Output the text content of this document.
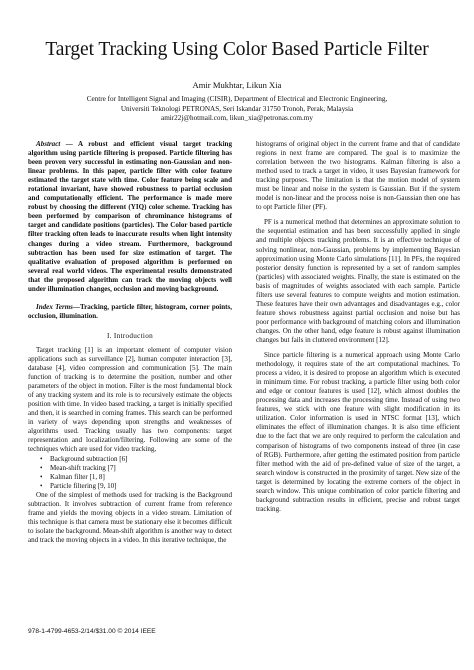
Target Tracking Using Color Based Particle Filter
Amir Mukhtar, Likun Xia
Centre for Intelligent Signal and Imaging (CISIR), Department of Electrical and Electronic Engineering,
Universiti Teknologi PETRONAS, Seri Iskandar 31750 Tronoh, Perak, Malaysia
amir22j@hotmail.com, likun_xia@petronas.com.my

Abstract — A robust and efficient visual target tracking algorithm using particle filtering is proposed. Particle filtering has been proven very successful in estimating non-Gaussian and non-linear problems. In this paper, particle filter with color feature estimated the target state with time. Color feature being scale and rotational invariant, have showed robustness to partial occlusion and computationally efficient. The performance is made more robust by choosing the different (YIQ) color scheme. Tracking has been performed by comparison of chrominance histograms of target and candidate positions (particles). The Color based particle filter tracking often leads to inaccurate results when light intensity changes during a video stream. Furthermore, background subtraction has been used for size estimation of target. The qualitative evaluation of proposed algorithm is performed on several real world videos. The experimental results demonstrated that the proposed algorithm can track the moving objects well under illumination changes, occlusion and moving background.

Index Terms—Tracking, particle filter, histogram, corner points, occlusion, illumination.

I. Introduction

Target tracking [1] is an important element of computer vision applications such as surveillance [2], human computer interaction [3], database [4], video compression and communication [5]. The main function of tracking is to determine the position, number and other parameters of the object in motion. Filter is the most fundamental block of any tracking system and its role is to recursively estimate the objects position with time. In video based tracking, a target is initially specified and then, it is searched in coming frames. This search can be performed in variety of ways depending upon strengths and weaknesses of algorithms used. Tracking usually has two components: target representation and localization/filtering. Following are some of the techniques which are used for video tracking,

• Background subtraction [6]
• Mean-shift tracking [7]
• Kalman filter [1, 8]
• Particle filtering [9, 10]

One of the simplest of methods used for tracking is the Background subtraction. It involves subtraction of current frame from reference frame and yields the moving objects in a video stream. Limitation of this technique is that camera must be stationary else it becomes difficult to isolate the background. Mean-shift algorithm is another way to detect and track the moving objects in a video. In this iterative technique, the

histograms of original object in the current frame and that of candidate regions in next frame are compared. The goal is to maximize the correlation between the two histograms. Kalman filtering is also a method used to track a target in video, it uses Bayesian framework for tracking purposes. The limitation is that the motion model of system must be linear and noise in the system is Gaussian. But if the system model is non-linear and the process noise is non-Gaussian then one has to opt Particle filter (PF).

PF is a numerical method that determines an approximate solution to the sequential estimation and has been successfully applied in single and multiple objects tracking problems. It is an effective technique of solving nonlinear, non-Gaussian, problems by implementing Bayesian approximation using Monte Carlo simulations [11]. In PFs, the required posterior density function is represented by a set of random samples (particles) with associated weights. Finally, the state is estimated on the basis of magnitudes of weights associated with each sample. Particle filters use several features to compute weights and motion estimation. These features have their own advantages and disadvantages e.g., color feature shows robustness against partial occlusion and noise but has poor performance with background of matching colors and illumination changes. On the other hand, edge feature is robust against illumination changes but fails in cluttered environment [12].

Since particle filtering is a numerical approach using Monte Carlo methodology, it requires state of the art computational machines. To process a video, it is desired to propose an algorithm which is executed in minimum time. For robust tracking, a particle filter using both color and edge or contour features is used [12], which almost doubles the processing data and increases the processing time. Instead of using two features, we stick with one feature with slight modification in its utilization. Color information is used in NTSC format [13], which eliminates the effect of illumination changes. It is also time efficient due to the fact that we are only required to perform the calculation and comparison of histograms of two components instead of three (in case of RGB). Furthermore, after getting the estimated position from particle filter method with the aid of pre-defined value of size of the target, a search window is constructed in the proximity of target. New size of the target is determined by locating the extreme corners of the object in search window. This unique combination of color particle filtering and background subtraction results in efficient, precise and robust target tracking.

978-1-4799-4653-2/14/$31.00 © 2014 IEEE
